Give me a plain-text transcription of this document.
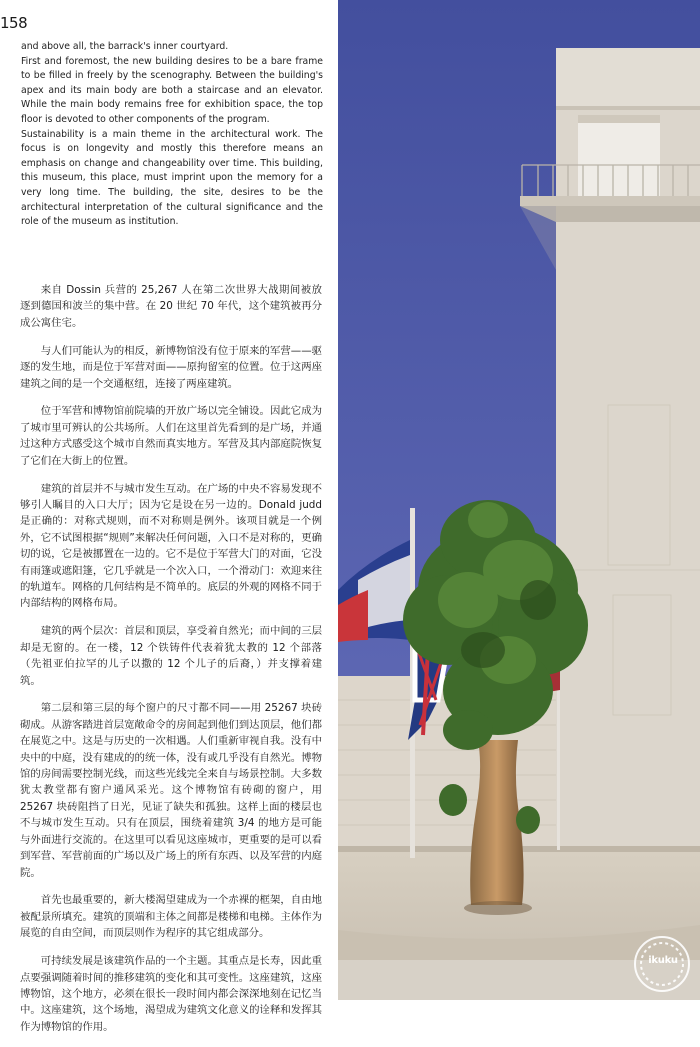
158

and above all, the barrack's inner courtyard.

First and foremost, the new building desires to be a bare frame to be filled in freely by the scenography. Between the building's apex and its main body are both a staircase and an elevator. While the main body remains free for exhibition space, the top floor is devoted to other components of the program.

Sustainability is a main theme in the architectural work. The focus is on longevity and mostly this therefore means an emphasis on change and changeability over time. This building, this museum, this place, must imprint upon the memory for a very long time. The building, the site, desires to be the architectural interpretation of the cultural significance and the role of the museum as institution.

来自 Dossin 兵营的 25,267 人在第二次世界大战期间被放逐到德国和波兰的集中营。在 20 世纪 70 年代，这个建筑被再分成公寓住宅。

与人们可能认为的相反，新博物馆没有位于原来的军营——驱逐的发生地，而是位于军营对面——原拘留室的位置。位于这两座建筑之间的是一个交通枢纽，连接了两座建筑。

位于军营和博物馆前院墙的开放广场以完全铺设。因此它成为了城市里可辨认的公共场所。人们在这里首先看到的是广场，并通过这种方式感受这个城市自然而真实地方。军营及其内部庭院恢复了它们在大街上的位置。

建筑的首层并不与城市发生互动。在广场的中央不容易发现不够引人瞩目的入口大厅；因为它是设在另一边的。Donald judd 是正确的：对称式规则，而不对称则是例外。该项目就是一个例外，它不试图根据“规则”来解决任何问题，入口不是对称的，更确切的说，它是被挪置在一边的。它不是位于军营大门的对面，它没有雨篷或遮阳篷，它几乎就是一个次入口，一个滑动门：欢迎来往的轨道车。网格的几何结构是不简单的。底层的外观的网格不同于内部结构的网格布局。

建筑的两个层次：首层和顶层，享受着自然光；而中间的三层却是无窗的。在一楼，12 个铁铸件代表着犹太教的 12 个部落（先祖亚伯拉罕的儿子以撒的 12 个儿子的后裔，）并支撑着建筑。

第二层和第三层的每个窗户的尺寸都不同——用 25267 块砖砌成。从游客踏进首层宽敞命令的房间起到他们到达顶层，他们都在展览之中。这是与历史的一次相遇。人们重新审视自我。没有中央中的中庭，没有建成的的统一体，没有或几乎没有自然光。博物馆的房间需要控制光线，而这些光线完全来自与场景控制。大多数犹太教堂都有窗户通风采光。这个博物馆有砖砌的窗户，用 25267 块砖阻挡了日光，见证了缺失和孤独。这样上面的楼层也不与城市发生互动。只有在顶层，围绕着建筑 3/4 的地方是可能与外面进行交流的。在这里可以看见这座城市，更重要的是可以看到军营、军营前面的广场以及广场上的所有东西、以及军营的内庭院。

首先也最重要的，新大楼渴望建成为一个赤裸的框架，自由地被配景所填充。建筑的顶端和主体之间都是楼梯和电梯。主体作为展览的自由空间，而顶层则作为程序的其它组成部分。

可持续发展是该建筑作品的一个主题。其重点是长寿，因此重点要强调随着时间的推移建筑的变化和其可变性。这座建筑，这座博物馆，这个地方，必须在很长一段时间内都会深深地刻在记忆当中。这座建筑，这个场地，渴望成为建筑文化意义的诠释和发挥其作为博物馆的作用。

ikuku
